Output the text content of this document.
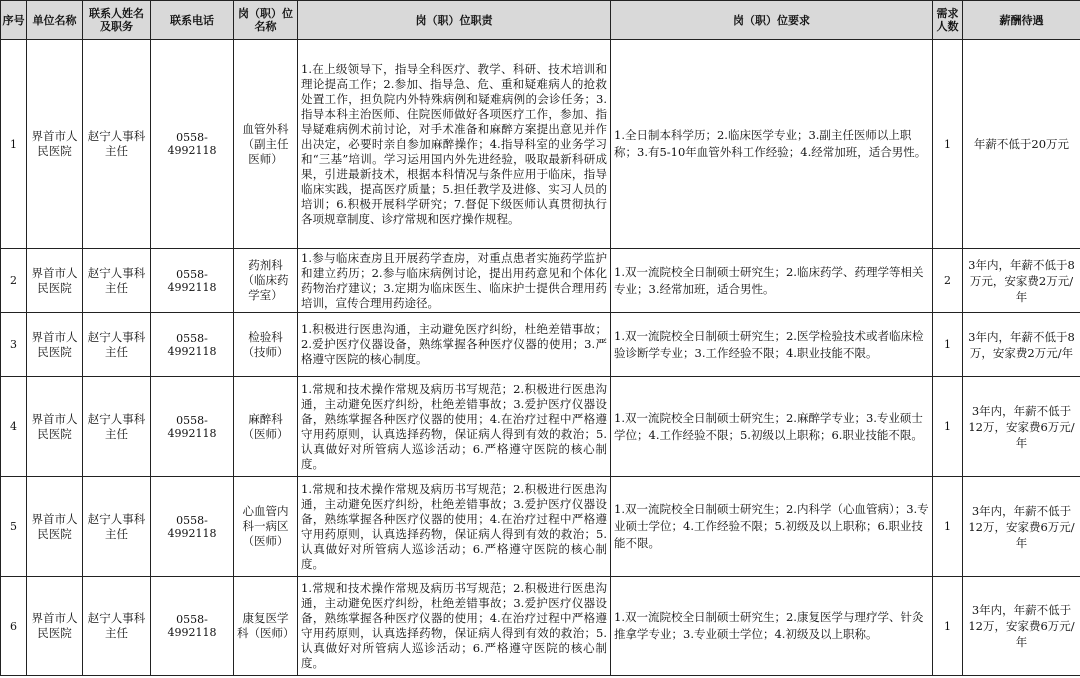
序号	单位名称	联系人姓名及职务	联系电话	岗（职）位名称	岗（职）位职责	岗（职）位要求	需求人数	薪酬待遇
1	界首市人民医院	赵宁人事科主任	0558-4992118	血管外科（副主任医师）	1.在上级领导下，指导全科医疗、教学、科研、技术培训和理论提高工作；2.参加、指导急、危、重和疑难病人的抢救处置工作，担负院内外特殊病例和疑难病例的会诊任务；3.指导本科主治医师、住院医师做好各项医疗工作，参加、指导疑难病例术前讨论，对手术准备和麻醉方案提出意见并作出决定，必要时亲自参加麻醉操作；4.指导科室的业务学习和“三基”培训。学习运用国内外先进经验，吸取最新科研成果，引进最新技术，根据本科情况与条件应用于临床，指导临床实践，提高医疗质量；5.担任教学及进修、实习人员的培训；6.积极开展科学研究；7.督促下级医师认真贯彻执行各项规章制度、诊疗常规和医疗操作规程。	1.全日制本科学历；2.临床医学专业；3.副主任医师以上职称；3.有5-10年血管外科工作经验；4.经常加班，适合男性。	1	年薪不低于20万元
2	界首市人民医院	赵宁人事科主任	0558-4992118	药剂科（临床药学室）	1.参与临床查房且开展药学查房，对重点患者实施药学监护和建立药历；2.参与临床病例讨论，提出用药意见和个体化药物治疗建议；3.定期为临床医生、临床护士提供合理用药培训，宣传合理用药途径。	1.双一流院校全日制硕士研究生；2.临床药学、药理学等相关专业；3.经常加班，适合男性。	2	3年内，年薪不低于8万元，安家费2万元/年
3	界首市人民医院	赵宁人事科主任	0558-4992118	检验科（技师）	1.积极进行医患沟通，主动避免医疗纠纷，杜绝差错事故；2.爱护医疗仪器设备，熟练掌握各种医疗仪器的使用；3.严格遵守医院的核心制度。	1.双一流院校全日制硕士研究生；2.医学检验技术或者临床检验诊断学专业；3.工作经验不限；4.职业技能不限。	1	3年内，年薪不低于8万，安家费2万元/年
4	界首市人民医院	赵宁人事科主任	0558-4992118	麻醉科（医师）	1.常规和技术操作常规及病历书写规范；2.积极进行医患沟通，主动避免医疗纠纷，杜绝差错事故；3.爱护医疗仪器设备，熟练掌握各种医疗仪器的使用；4.在治疗过程中严格遵守用药原则，认真选择药物，保证病人得到有效的救治；5.认真做好对所管病人巡诊活动；6.严格遵守医院的核心制度。	1.双一流院校全日制硕士研究生；2.麻醉学专业；3.专业硕士学位；4.工作经验不限；5.初级以上职称；6.职业技能不限。	1	3年内，年薪不低于12万，安家费6万元/年
5	界首市人民医院	赵宁人事科主任	0558-4992118	心血管内科一病区（医师）	1.常规和技术操作常规及病历书写规范；2.积极进行医患沟通，主动避免医疗纠纷，杜绝差错事故；3.爱护医疗仪器设备，熟练掌握各种医疗仪器的使用；4.在治疗过程中严格遵守用药原则，认真选择药物，保证病人得到有效的救治；5.认真做好对所管病人巡诊活动；6.严格遵守医院的核心制度。	1.双一流院校全日制硕士研究生；2.内科学（心血管病）；3.专业硕士学位；4.工作经验不限；5.初级及以上职称；6.职业技能不限。	1	3年内，年薪不低于12万，安家费6万元/年
6	界首市人民医院	赵宁人事科主任	0558-4992118	康复医学科（医师）	1.常规和技术操作常规及病历书写规范；2.积极进行医患沟通，主动避免医疗纠纷，杜绝差错事故；3.爱护医疗仪器设备，熟练掌握各种医疗仪器的使用；4.在治疗过程中严格遵守用药原则，认真选择药物，保证病人得到有效的救治；5.认真做好对所管病人巡诊活动；6.严格遵守医院的核心制度。	1.双一流院校全日制硕士研究生；2.康复医学与理疗学、针灸推拿学专业；3.专业硕士学位；4.初级及以上职称。	1	3年内，年薪不低于12万，安家费6万元/年
